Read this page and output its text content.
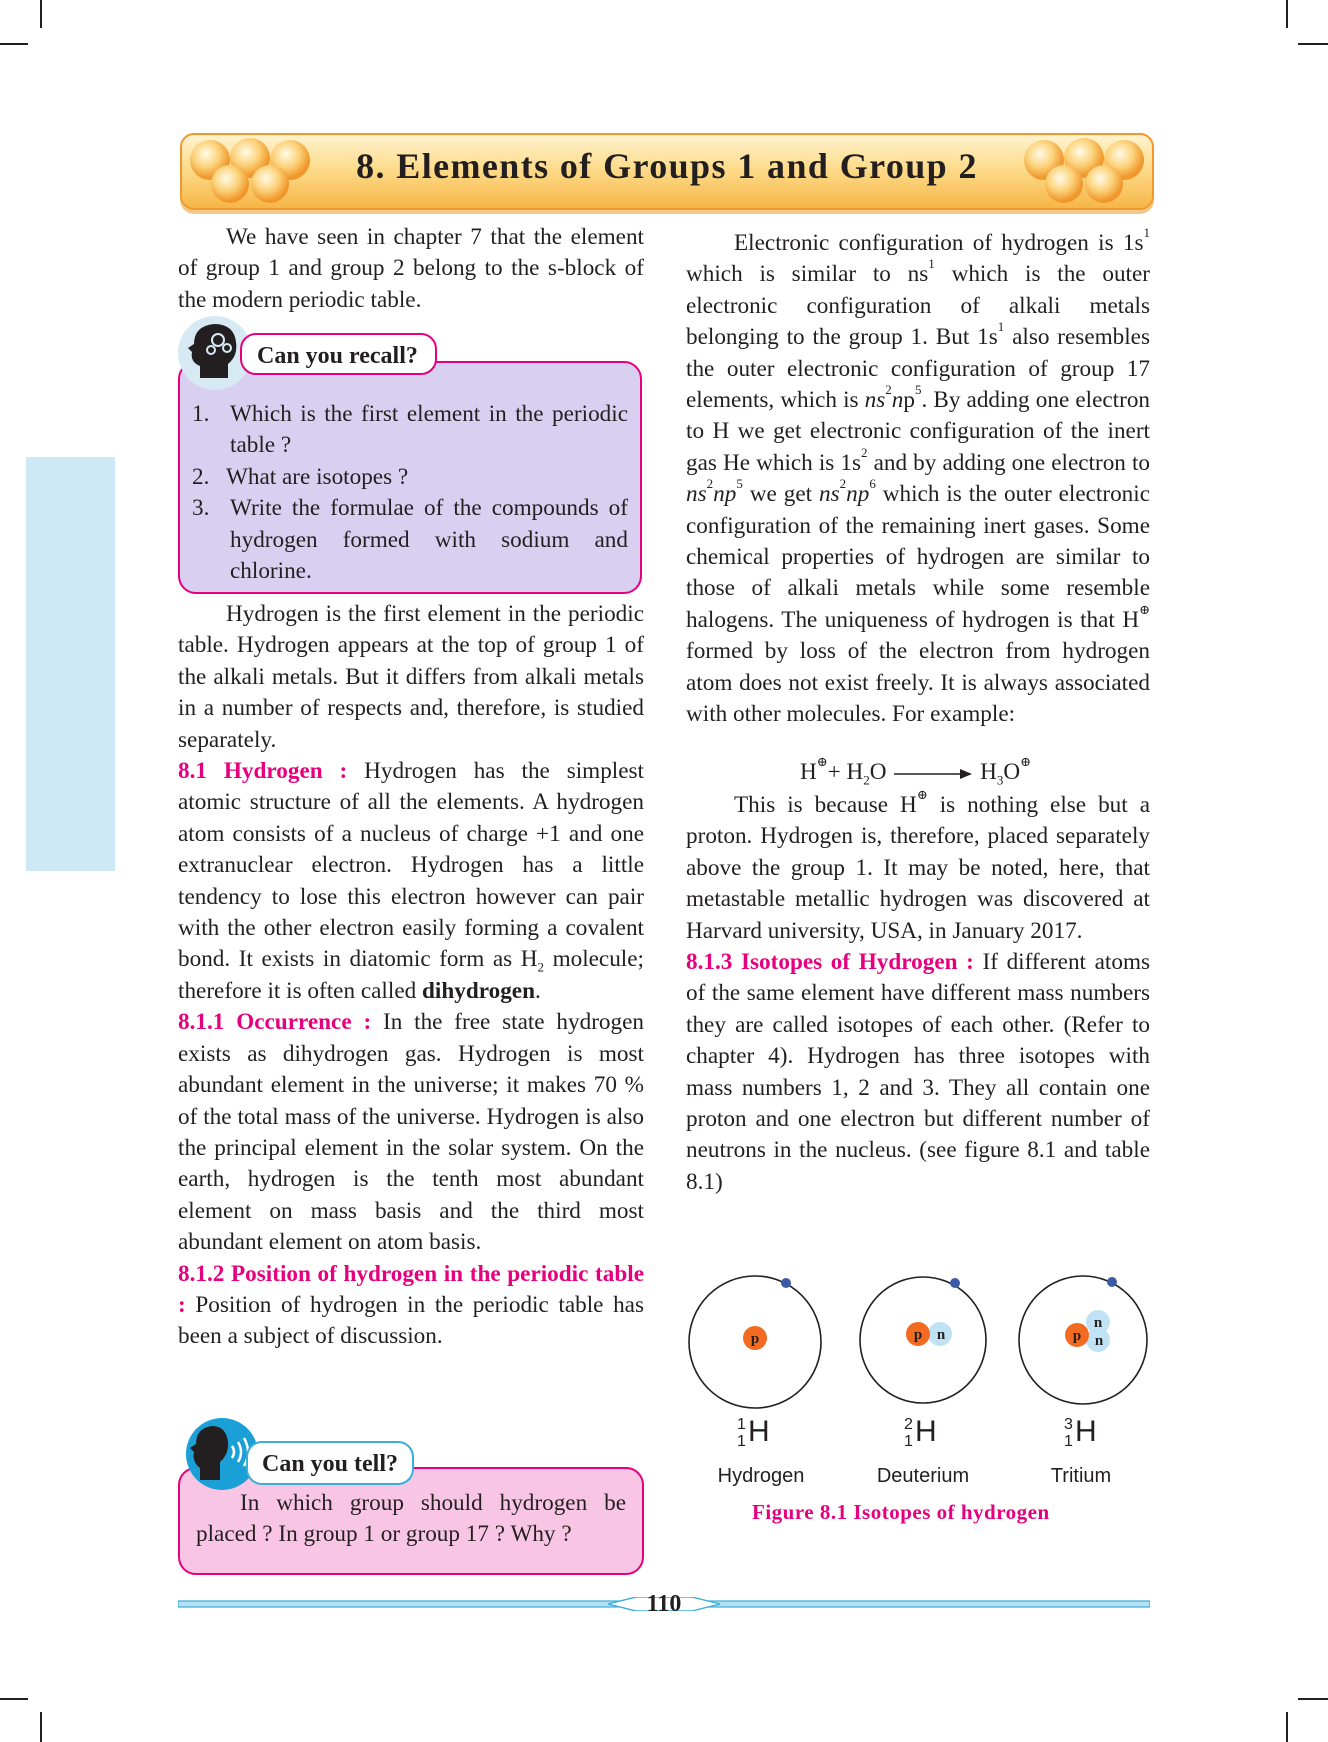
8. Elements of Groups 1 and Group 2

We have seen in chapter 7 that the element of group 1 and group 2 belong to the s-block of the modern periodic table.

1. Which is the first element in the periodic table ?
2. What are isotopes ?
3. Write the formulae of the compounds of hydrogen formed with sodium and chlorine.
Can you recall?

Hydrogen is the first element in the periodic table. Hydrogen appears at the top of group 1 of the alkali metals. But it differs from alkali metals in a number of respects and, therefore, is studied separately.

8.1 Hydrogen : Hydrogen has the simplest atomic structure of all the elements. A hydrogen atom consists of a nucleus of charge +1 and one extranuclear electron. Hydrogen has a little tendency to lose this electron however can pair with the other electron easily forming a covalent bond. It exists in diatomic form as $H_2$ molecule; therefore it is often called dihydrogen.

8.1.1 Occurrence : In the free state hydrogen exists as dihydrogen gas. Hydrogen is most abundant element in the universe; it makes 70 % of the total mass of the universe. Hydrogen is also the principal element in the solar system. On the earth, hydrogen is the tenth most abundant element on mass basis and the third most abundant element on atom basis.

8.1.2 Position of hydrogen in the periodic table : Position of hydrogen in the periodic table has been a subject of discussion.

In which group should hydrogen be placed ? In group 1 or group 17 ? Why ?
Can you tell?

Electronic configuration of hydrogen is $1s^1$ which is similar to $ns^1$ which is the outer electronic configuration of alkali metals belonging to the group 1. But $1s^1$ also resembles the outer electronic configuration of group 17 elements, which is $ns^2np^5$. By adding one electron to H we get electronic configuration of the inert gas He which is $1s^2$ and by adding one electron to $ns^2np^5$ we get $ns^2np^6$ which is the outer electronic configuration of the remaining inert gases. Some chemical properties of hydrogen are similar to those of alkali metals while some resemble halogens. The uniqueness of hydrogen is that H⊕ formed by loss of the electron from hydrogen atom does not exist freely. It is always associated with other molecules. For example:

$H^\oplus+ H_2O \to H_3O^\oplus$

This is because H⊕ is nothing else but a proton. Hydrogen is, therefore, placed separately above the group 1. It may be noted, here, that metastable metallic hydrogen was discovered at Harvard university, USA, in January 2017.

8.1.3 Isotopes of Hydrogen : If different atoms of the same element have different mass numbers they are called isotopes of each other. (Refer to chapter 4). Hydrogen has three isotopes with mass numbers 1, 2 and 3. They all contain one proton and one electron but different number of neutrons in the nucleus. (see figure 8.1 and table 8.1)

p	p n
n
p n
1
1 H	2
1 H	3
1 H
Hydrogen	Deuterium	Tritium
Figure 8.1 Isotopes of hydrogen
110
